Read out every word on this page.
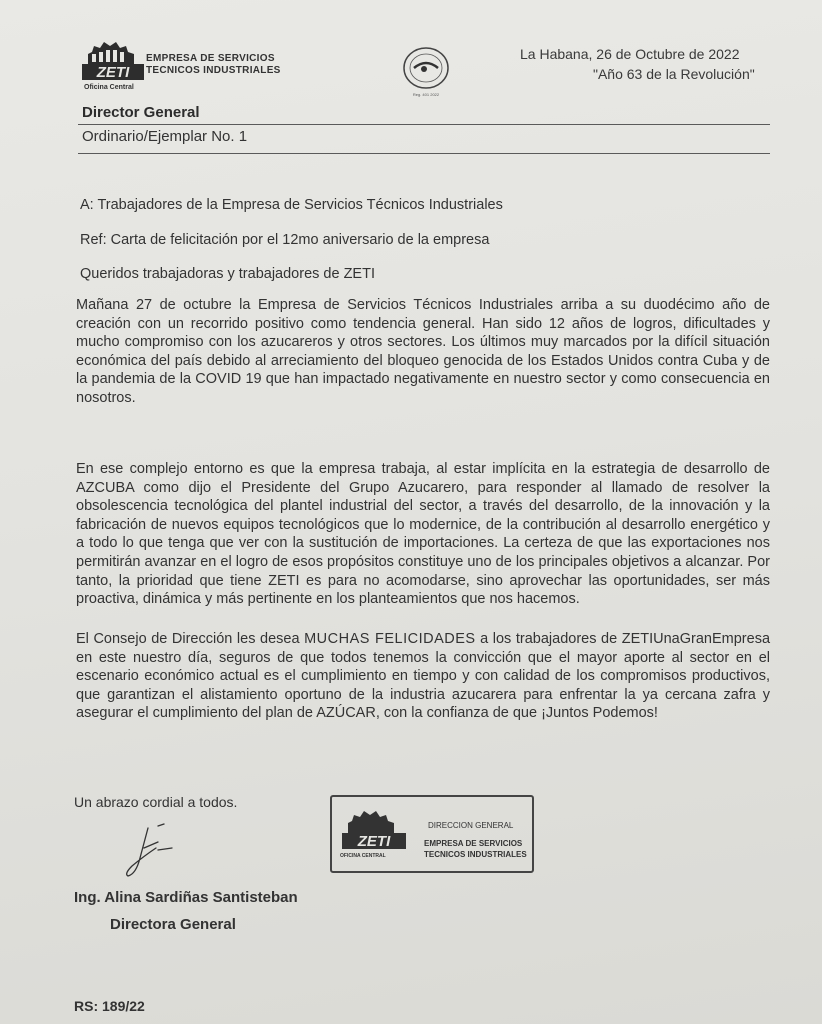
ZETI
EMPRESA DE SERVICIOS
TECNICOS INDUSTRIALES
Oficina Central
Reg. 401 2022
La Habana, 26 de Octubre de 2022
"Año 63 de la Revolución"
Director General
Ordinario/Ejemplar No. 1
A: Trabajadores de la Empresa de Servicios Técnicos Industriales
Ref: Carta de felicitación por el 12mo aniversario de la empresa
Queridos trabajadoras y trabajadores de ZETI
Mañana 27 de octubre la Empresa de Servicios Técnicos Industriales arriba a su duodécimo año de creación con un recorrido positivo como tendencia general. Han sido 12 años de logros, dificultades y mucho compromiso con los azucareros y otros sectores. Los últimos muy marcados por la difícil situación económica del país debido al arreciamiento del bloqueo genocida de los Estados Unidos contra Cuba y de la pandemia de la COVID 19 que han impactado negativamente en nuestro sector y como consecuencia en nosotros.
En ese complejo entorno es que la empresa trabaja, al estar implícita en la estrategia de desarrollo de AZCUBA como dijo el Presidente del Grupo Azucarero, para responder al llamado de resolver la obsolescencia tecnológica del plantel industrial del sector, a través del desarrollo, de la innovación y la fabricación de nuevos equipos tecnológicos que lo modernice, de la contribución al desarrollo energético y a todo lo que tenga que ver con la sustitución de importaciones. La certeza de que las exportaciones nos permitirán avanzar en el logro de esos propósitos constituye uno de los principales objetivos a alcanzar. Por tanto, la prioridad que tiene ZETI es para no acomodarse, sino aprovechar las oportunidades, ser más proactiva, dinámica y más pertinente en los planteamientos que nos hacemos.
El Consejo de Dirección les desea MUCHAS FELICIDADES a los trabajadores de ZETIUnaGranEmpresa en este nuestro día, seguros de que todos tenemos la convicción que el mayor aporte al sector en el escenario económico actual es el cumplimiento en tiempo y con calidad de los compromisos productivos, que garantizan el alistamiento oportuno de la industria azucarera para enfrentar la ya cercana zafra y asegurar el cumplimiento del plan de AZÚCAR, con la confianza de que ¡Juntos Podemos!
Un abrazo cordial a todos.
ZETI
DIRECCION GENERAL
EMPRESA DE SERVICIOS
TECNICOS INDUSTRIALES
OFICINA CENTRAL
Ing. Alina Sardiñas Santisteban
Directora General
RS: 189/22
